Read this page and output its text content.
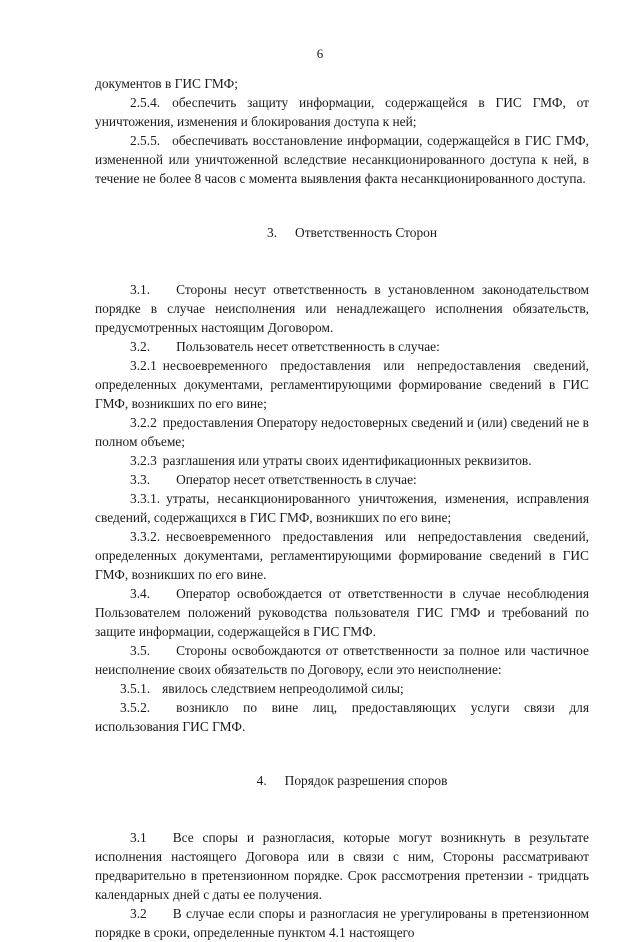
6

документов в ГИС ГМФ;

2.5.4. обеспечить защиту информации, содержащейся в ГИС ГМФ, от уничтожения, изменения и блокирования доступа к ней;

2.5.5. обеспечивать восстановление информации, содержащейся в ГИС ГМФ, измененной или уничтоженной вследствие несанкционированного доступа к ней, в течение не более 8 часов с момента выявления факта несанкционированного доступа.

3. Ответственность Сторон

3.1. Стороны несут ответственность в установленном законодательством порядке в случае неисполнения или ненадлежащего исполнения обязательств, предусмотренных настоящим Договором.

3.2. Пользователь несет ответственность в случае:

3.2.1 несвоевременного предоставления или непредоставления сведений, определенных документами, регламентирующими формирование сведений в ГИС ГМФ, возникших по его вине;

3.2.2 предоставления Оператору недостоверных сведений и (или) сведений не в полном объеме;

3.2.3 разглашения или утраты своих идентификационных реквизитов.

3.3. Оператор несет ответственность в случае:

3.3.1. утраты, несанкционированного уничтожения, изменения, исправления сведений, содержащихся в ГИС ГМФ, возникших по его вине;

3.3.2. несвоевременного предоставления или непредоставления сведений, определенных документами, регламентирующими формирование сведений в ГИС ГМФ, возникших по его вине.

3.4. Оператор освобождается от ответственности в случае несоблюдения Пользователем положений руководства пользователя ГИС ГМФ и требований по защите информации, содержащейся в ГИС ГМФ.

3.5. Стороны освобождаются от ответственности за полное или частичное неисполнение своих обязательств по Договору, если это неисполнение:

3.5.1. явилось следствием непреодолимой силы;

3.5.2. возникло по вине лиц, предоставляющих услуги связи для использования ГИС ГМФ.

4. Порядок разрешения споров

3.1 Все споры и разногласия, которые могут возникнуть в результате исполнения настоящего Договора или в связи с ним, Стороны рассматривают предварительно в претензионном порядке. Срок рассмотрения претензии - тридцать календарных дней с даты ее получения.

3.2 В случае если споры и разногласия не урегулированы в претензионном порядке в сроки, определенные пунктом 4.1 настоящего
